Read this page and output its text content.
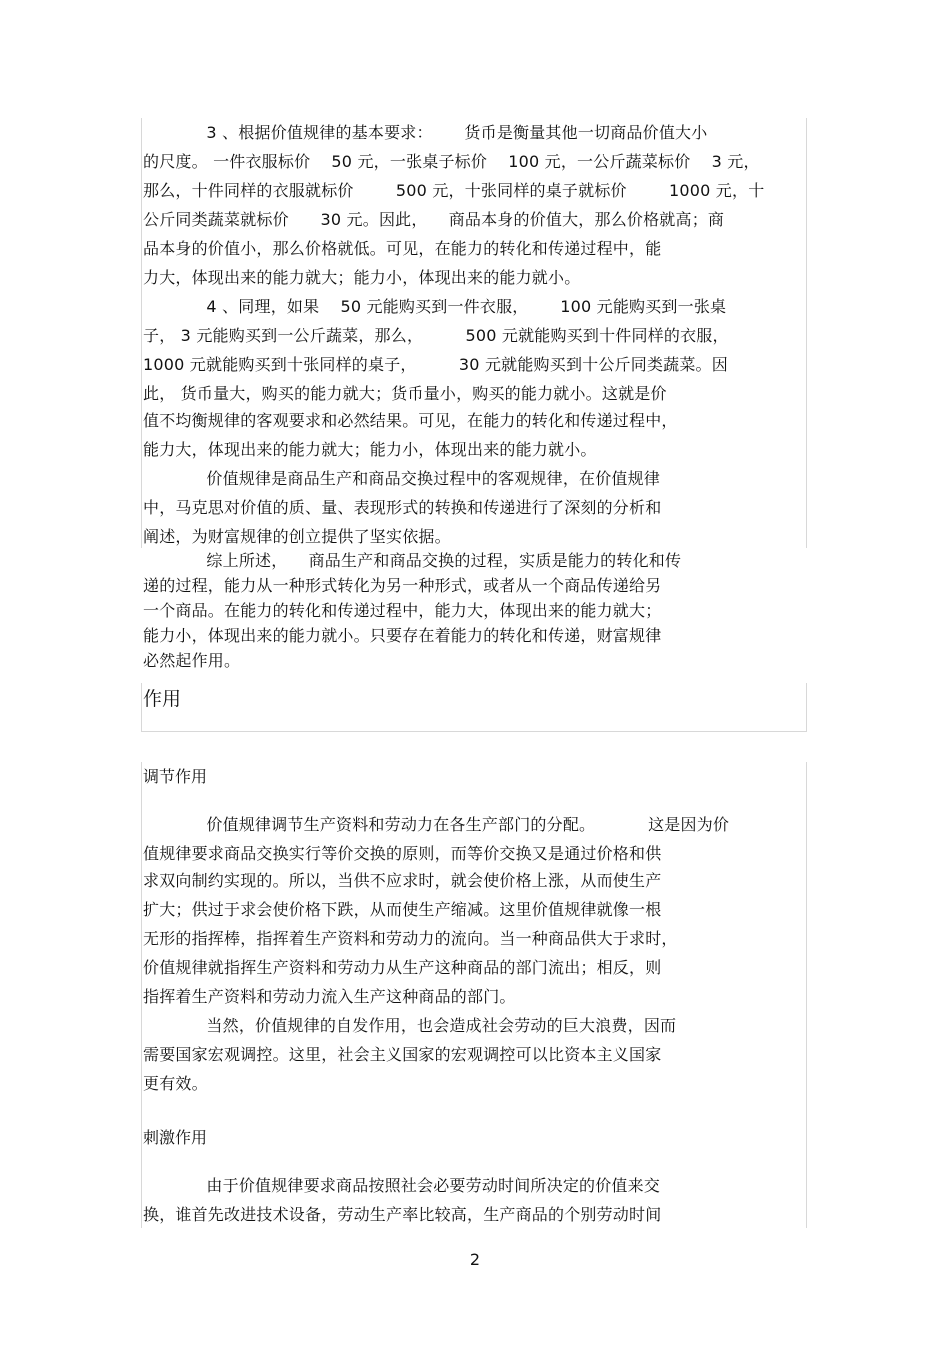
3 、根据价值规律的基本要求：      货币是衡量其他一切商品价值大小
的尺度。 一件衣服标价    50 元，一张桌子标价    100 元，一公斤蔬菜标价    3 元，
那么，十件同样的衣服就标价        500 元，十张同样的桌子就标价        1000 元，十
公斤同类蔬菜就标价      30 元。因此，    商品本身的价值大，那么价格就高；商
品本身的价值小，那么价格就低。可见，在能力的转化和传递过程中，能
力大，体现出来的能力就大；能力小，体现出来的能力就小。
4 、同理，如果    50 元能购买到一件衣服，      100 元能购买到一张桌
子， 3 元能购买到一公斤蔬菜，那么，        500 元就能购买到十件同样的衣服，
1000 元就能购买到十张同样的桌子，        30 元就能购买到十公斤同类蔬菜。因
此， 货币量大，购买的能力就大；货币量小，购买的能力就小。这就是价
值不均衡规律的客观要求和必然结果。可见，在能力的转化和传递过程中，
能力大，体现出来的能力就大；能力小，体现出来的能力就小。
价值规律是商品生产和商品交换过程中的客观规律，在价值规律
中，马克思对价值的质、量、表现形式的转换和传递进行了深刻的分析和
阐述，为财富规律的创立提供了坚实依据。
综上所述，    商品生产和商品交换的过程，实质是能力的转化和传
递的过程，能力从一种形式转化为另一种形式，或者从一个商品传递给另
一个商品。在能力的转化和传递过程中，能力大，体现出来的能力就大；
能力小，体现出来的能力就小。只要存在着能力的转化和传递，财富规律
必然起作用。
作用
调节作用
价值规律调节生产资料和劳动力在各生产部门的分配。          这是因为价
值规律要求商品交换实行等价交换的原则，而等价交换又是通过价格和供
求双向制约实现的。所以，当供不应求时，就会使价格上涨，从而使生产
扩大；供过于求会使价格下跌，从而使生产缩减。这里价值规律就像一根
无形的指挥棒，指挥着生产资料和劳动力的流向。当一种商品供大于求时，
价值规律就指挥生产资料和劳动力从生产这种商品的部门流出；相反，则
指挥着生产资料和劳动力流入生产这种商品的部门。
当然，价值规律的自发作用，也会造成社会劳动的巨大浪费，因而
需要国家宏观调控。这里，社会主义国家的宏观调控可以比资本主义国家
更有效。
刺激作用
由于价值规律要求商品按照社会必要劳动时间所决定的价值来交
换，谁首先改进技术设备，劳动生产率比较高，生产商品的个别劳动时间
2
